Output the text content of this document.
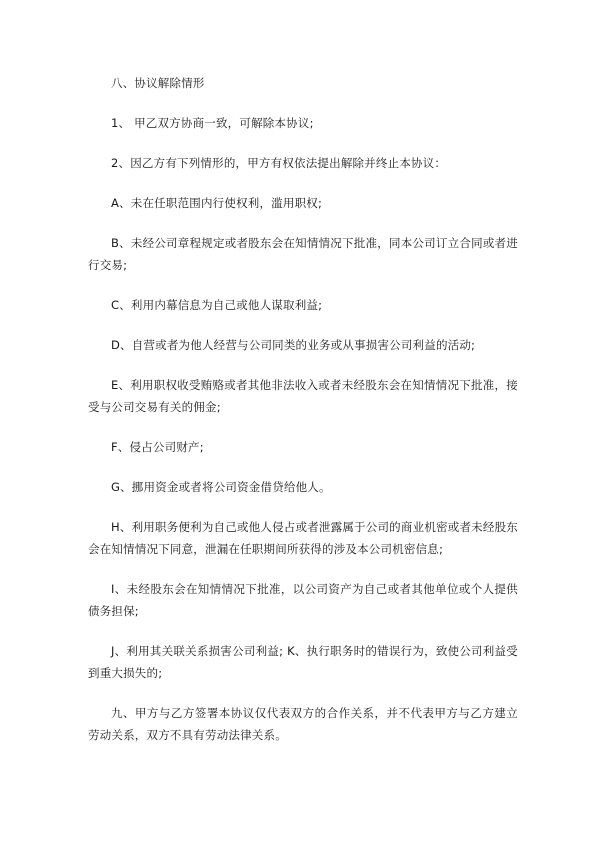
八、协议解除情形

1、 甲乙双方协商一致，可解除本协议;

2、因乙方有下列情形的，甲方有权依法提出解除并终止本协议：

A、未在任职范围内行使权利，滥用职权;

B、未经公司章程规定或者股东会在知情情况下批准，同本公司订立合同或者进行交易;

C、利用内幕信息为自己或他人谋取利益;

D、自营或者为他人经营与公司同类的业务或从事损害公司利益的活动;

E、利用职权收受贿赂或者其他非法收入或者未经股东会在知情情况下批准，接受与公司交易有关的佣金;

F、侵占公司财产;

G、挪用资金或者将公司资金借贷给他人。

H、利用职务便利为自己或他人侵占或者泄露属于公司的商业机密或者未经股东会在知情情况下同意，泄漏在任职期间所获得的涉及本公司机密信息;

I、未经股东会在知情情况下批准，以公司资产为自己或者其他单位或个人提供债务担保;

J、利用其关联关系损害公司利益; K、执行职务时的错误行为，致使公司利益受到重大损失的;

九、甲方与乙方签署本协议仅代表双方的合作关系，并不代表甲方与乙方建立劳动关系，双方不具有劳动法律关系。
